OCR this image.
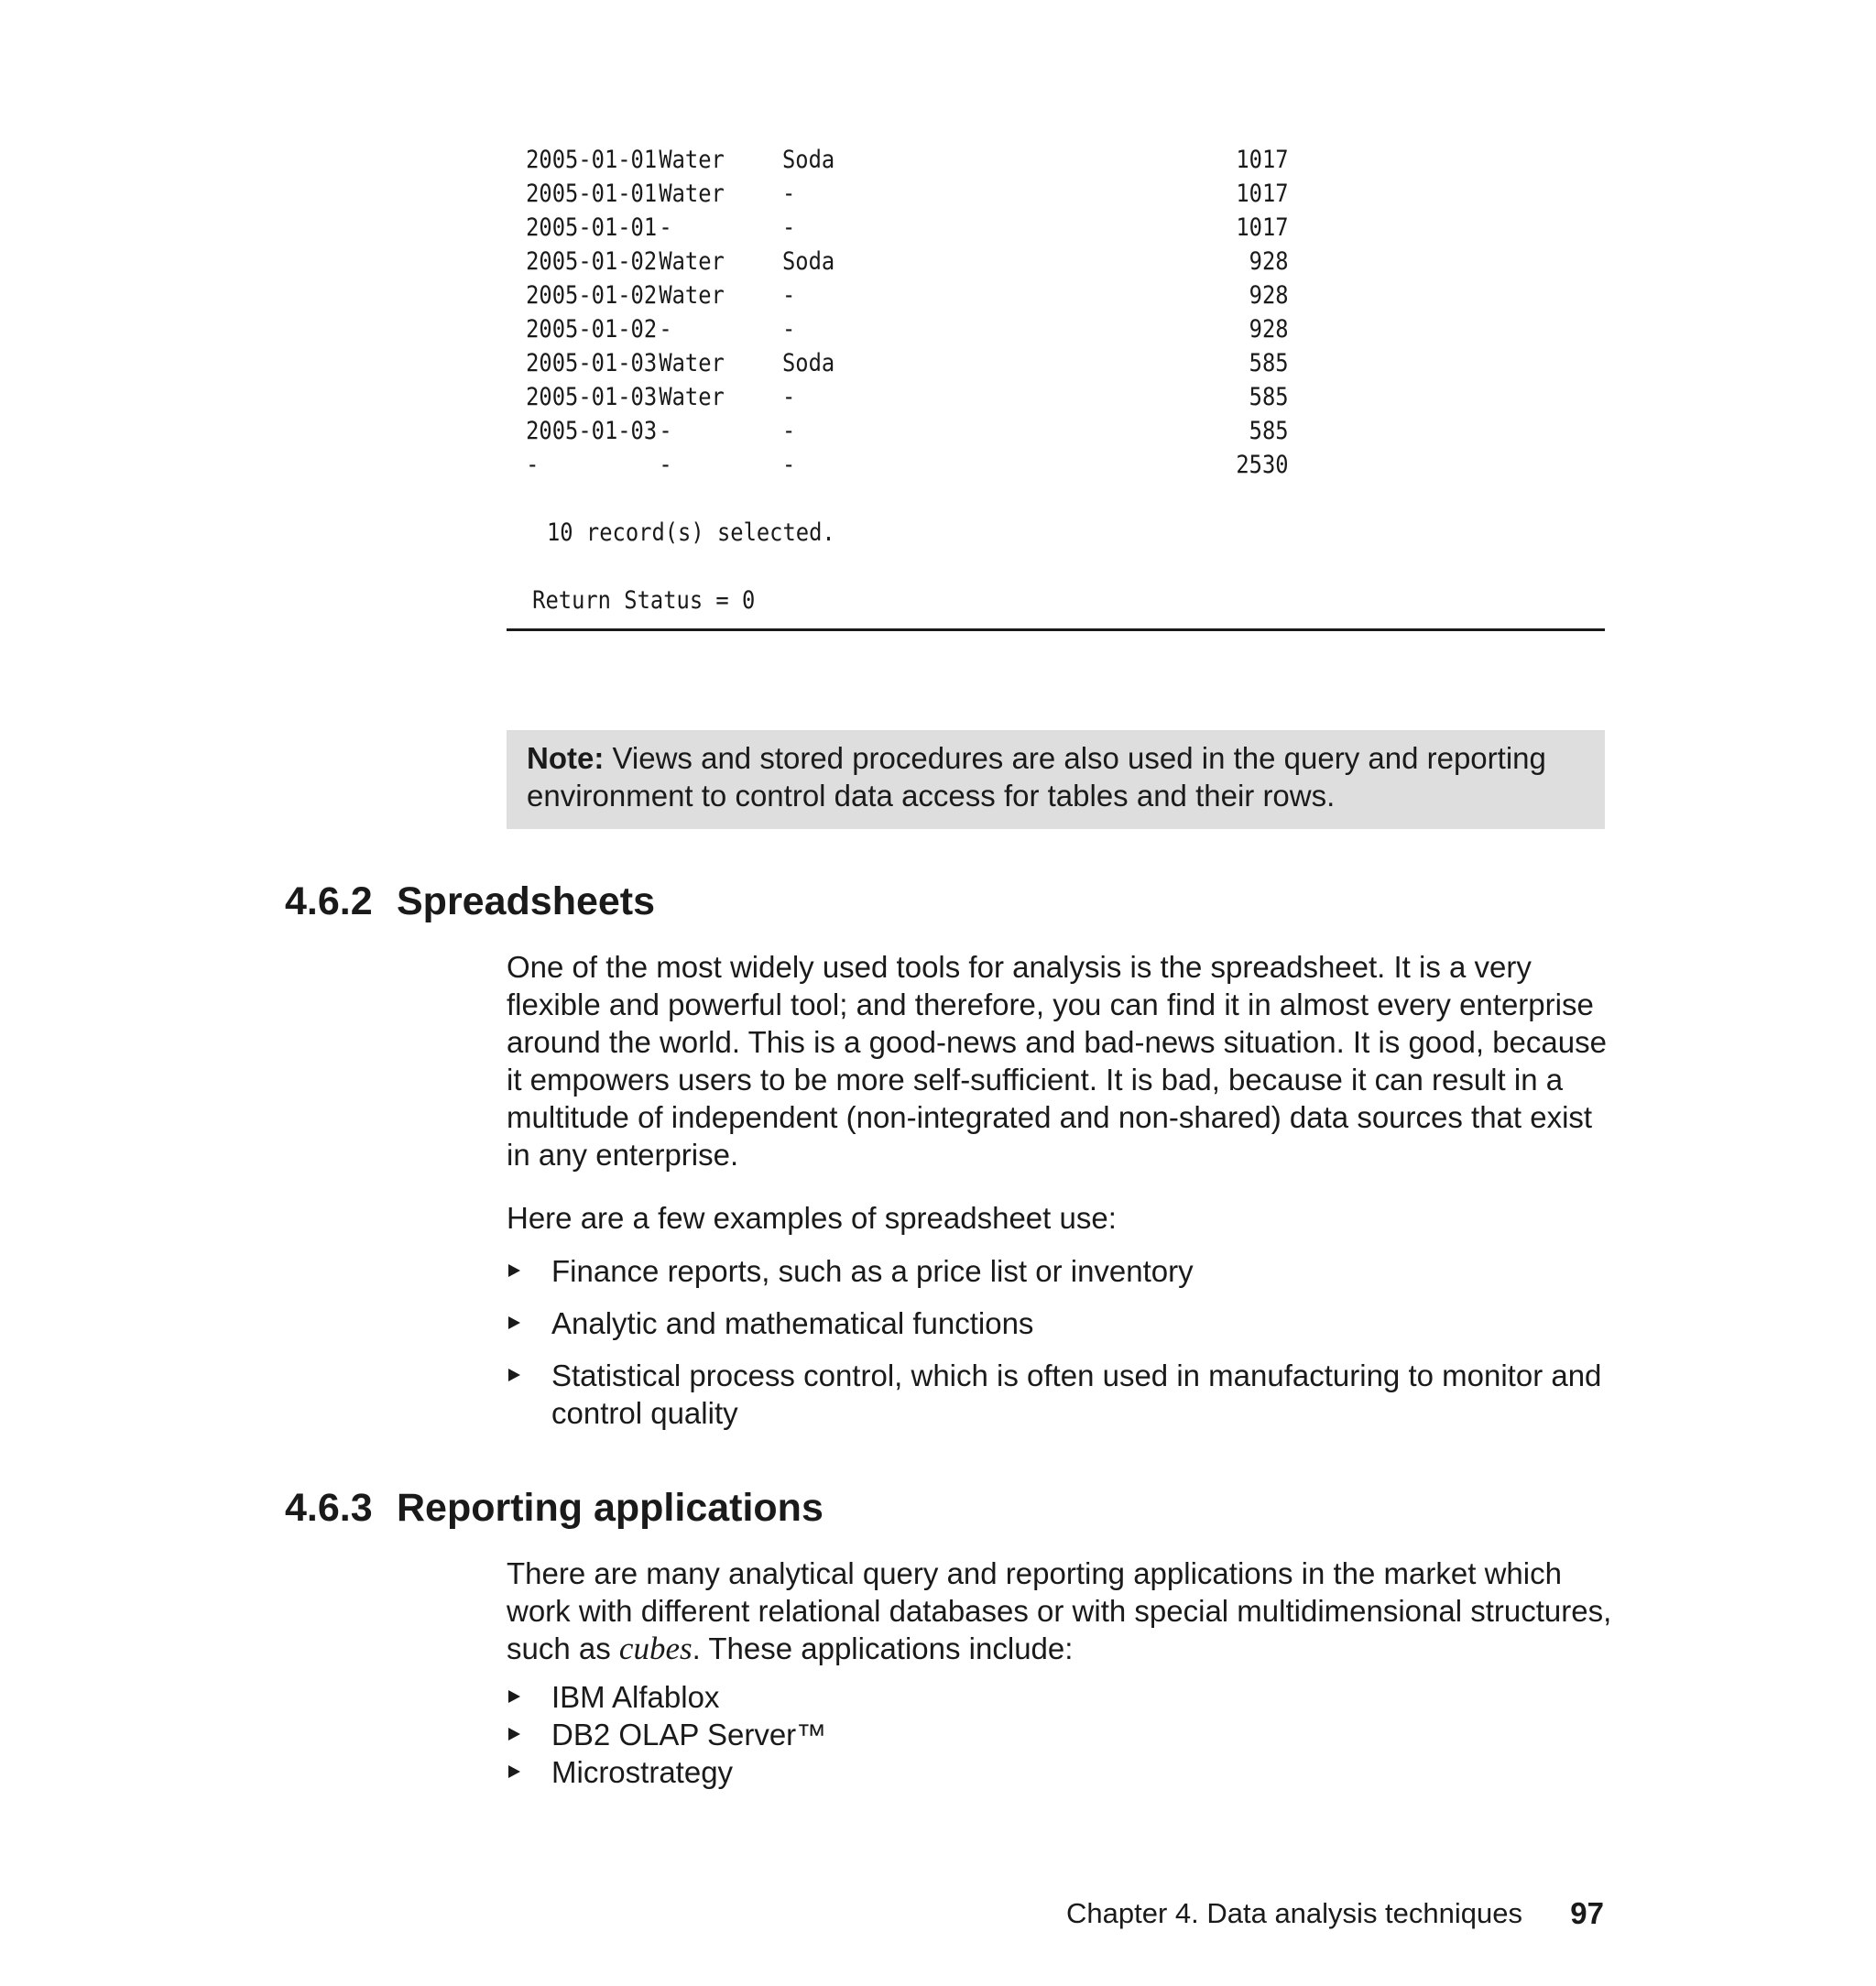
2005-01-01 Water Soda	1017
2005-01-01 Water -	1017
2005-01-01 -	-	1017
2005-01-02 Water Soda	928
2005-01-02 Water -	928
2005-01-02 -	-	928
2005-01-03 Water Soda	585
2005-01-03 Water -	585
2005-01-03 -	-	585
-	-	-	2530
10 record(s) selected.
Return Status = 0
Note: Views and stored procedures are also used in the query and reporting environment to control data access for tables and their rows.
4.6.2 Spreadsheets
One of the most widely used tools for analysis is the spreadsheet. It is a very flexible and powerful tool; and therefore, you can find it in almost every enterprise around the world. This is a good-news and bad-news situation. It is good, because it empowers users to be more self-sufficient. It is bad, because it can result in a multitude of independent (non-integrated and non-shared) data sources that exist in any enterprise.
Here are a few examples of spreadsheet use:
Finance reports, such as a price list or inventory
Analytic and mathematical functions
Statistical process control, which is often used in manufacturing to monitor and control quality
4.6.3 Reporting applications
There are many analytical query and reporting applications in the market which work with different relational databases or with special multidimensional structures, such as cubes. These applications include:
IBM Alfablox
DB2 OLAP Server™
Microstrategy
Chapter 4. Data analysis techniques 97
